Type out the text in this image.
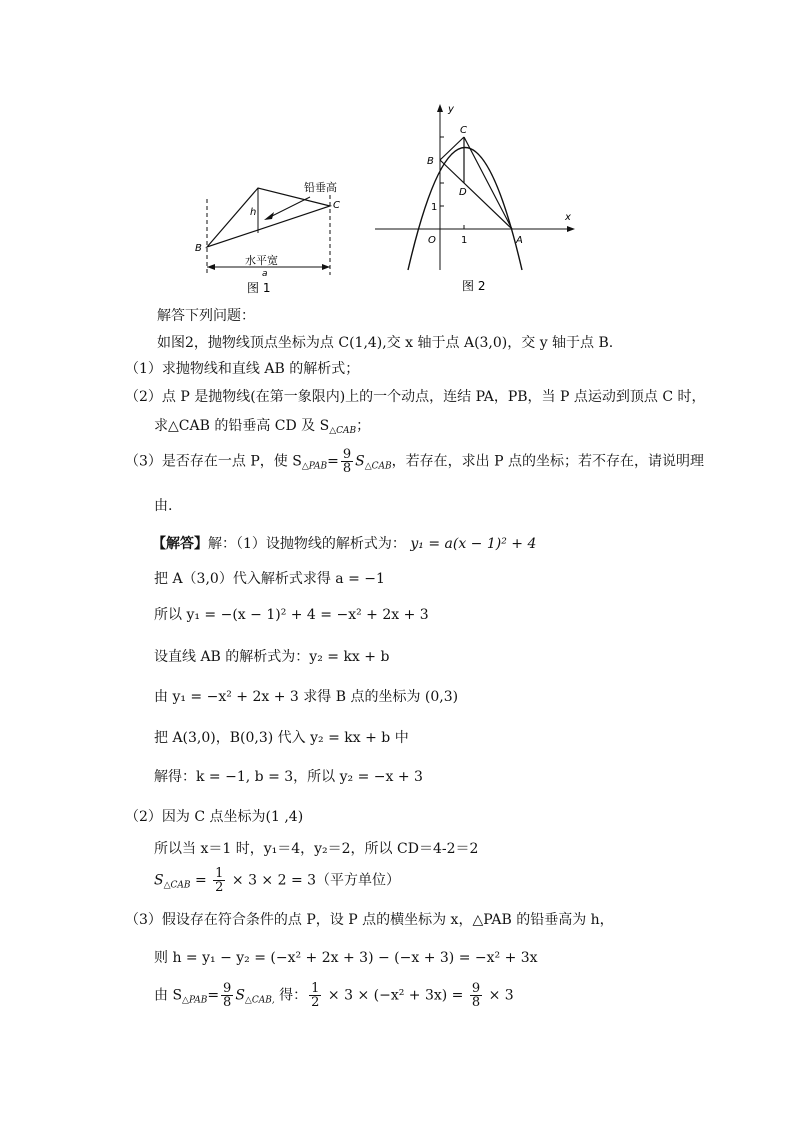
B
C
h
铅垂高
水平宽
a
图 1
y
x
C
B
D
O	A
1
1
图 2
解答下列问题：
如图2，抛物线顶点坐标为点 C(1,4),交 x 轴于点 A(3,0)，交 y 轴于点 B.
（1）求抛物线和直线 AB 的解析式；
（2）点 P 是抛物线(在第一象限内)上的一个动点，连结 PA，PB，当 P 点运动到顶点 C 时，
求△CAB 的铅垂高 CD 及 $S_{\triangle CAB}$；
（3）是否存在一点 P，使 $S_{\triangle PAB}= \frac{9}{8} S_{\triangle CAB}$，若存在，求出 P 点的坐标；若不存在，请说明理
由.
【解答】解：（1）设抛物线的解析式为： y₁ = a(x − 1)² + 4
把 A（3,0）代入解析式求得 a = −1
所以 y₁ = −(x − 1)² + 4 = −x² + 2x + 3
设直线 AB 的解析式为：y₂ = kx + b
由 y₁ = −x² + 2x + 3 求得 B 点的坐标为 (0,3)
把 A(3,0)，B(0,3) 代入 y₂ = kx + b 中
解得：k = −1, b = 3，所以 y₂ = −x + 3
（2）因为 C 点坐标为(1 ,4)
所以当 x＝1 时，y₁＝4，y₂＝2，所以 CD＝4-2＝2
$S_{\triangle CAB} = \frac{1}{2} \times 3 \times 2 = 3$（平方单位）
（3）假设存在符合条件的点 P，设 P 点的横坐标为 x，△PAB 的铅垂高为 h，
则 h = y₁ − y₂ = (−x² + 2x + 3) − (−x + 3) = −x² + 3x
由 $S_{\triangle PAB}= \frac{9}{8} S_{\triangle CAB,}$ 得： $\frac{1}{2} \times 3 \times (-x^2 + 3x) = \frac{9}{8} \times 3$
